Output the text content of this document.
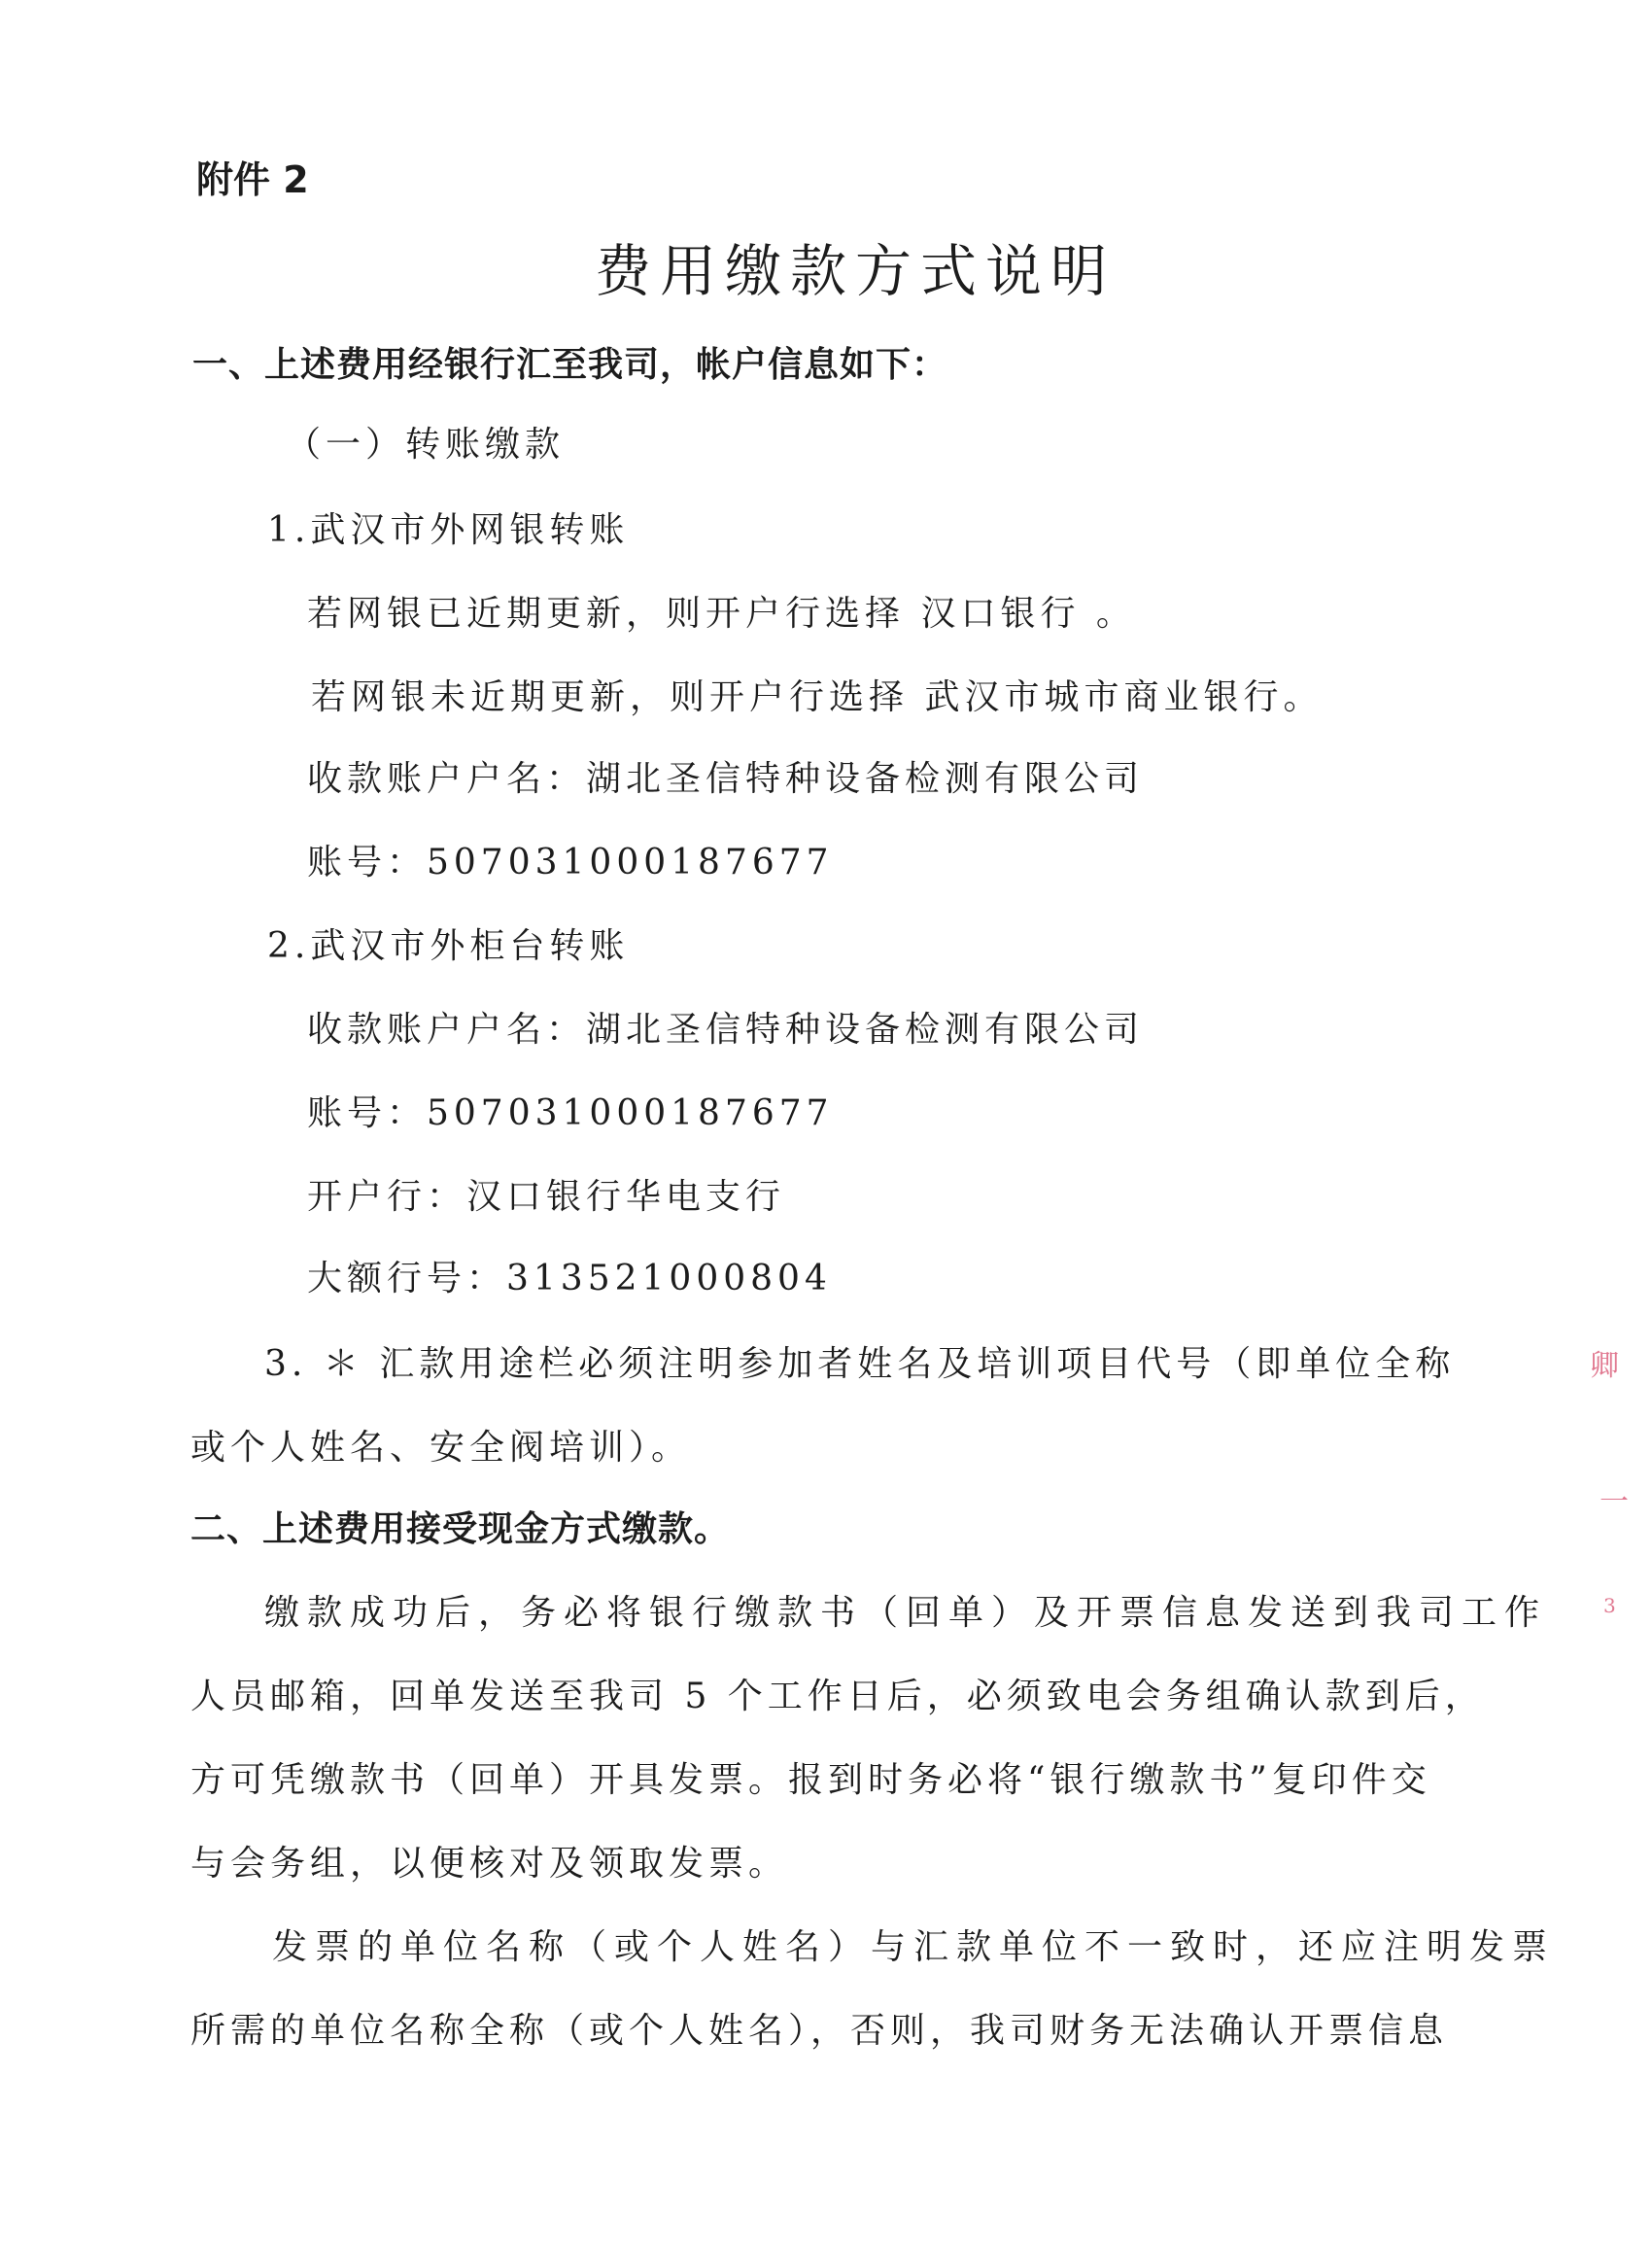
附件 2
费用缴款方式说明
一、上述费用经银行汇至我司，帐户信息如下：
（一）转账缴款
1.武汉市外网银转账
若网银已近期更新，则开户行选择 汉口银行 。
若网银未近期更新，则开户行选择 武汉市城市商业银行。
收款账户户名：湖北圣信特种设备检测有限公司
账号：507031000187677
2.武汉市外柜台转账
收款账户户名：湖北圣信特种设备检测有限公司
账号：507031000187677
开户行：汉口银行华电支行
大额行号：313521000804
3. ＊ 汇款用途栏必须注明参加者姓名及培训项目代号（即单位全称
或个人姓名、安全阀培训）。
二、上述费用接受现金方式缴款。
缴款成功后，务必将银行缴款书（回单）及开票信息发送到我司工作
人员邮箱，回单发送至我司 5 个工作日后，必须致电会务组确认款到后，
方可凭缴款书（回单）开具发票。报到时务必将“银行缴款书”复印件交
与会务组，以便核对及领取发票。
发票的单位名称（或个人姓名）与汇款单位不一致时，还应注明发票
所需的单位名称全称（或个人姓名），否则，我司财务无法确认开票信息
卿
一
3
